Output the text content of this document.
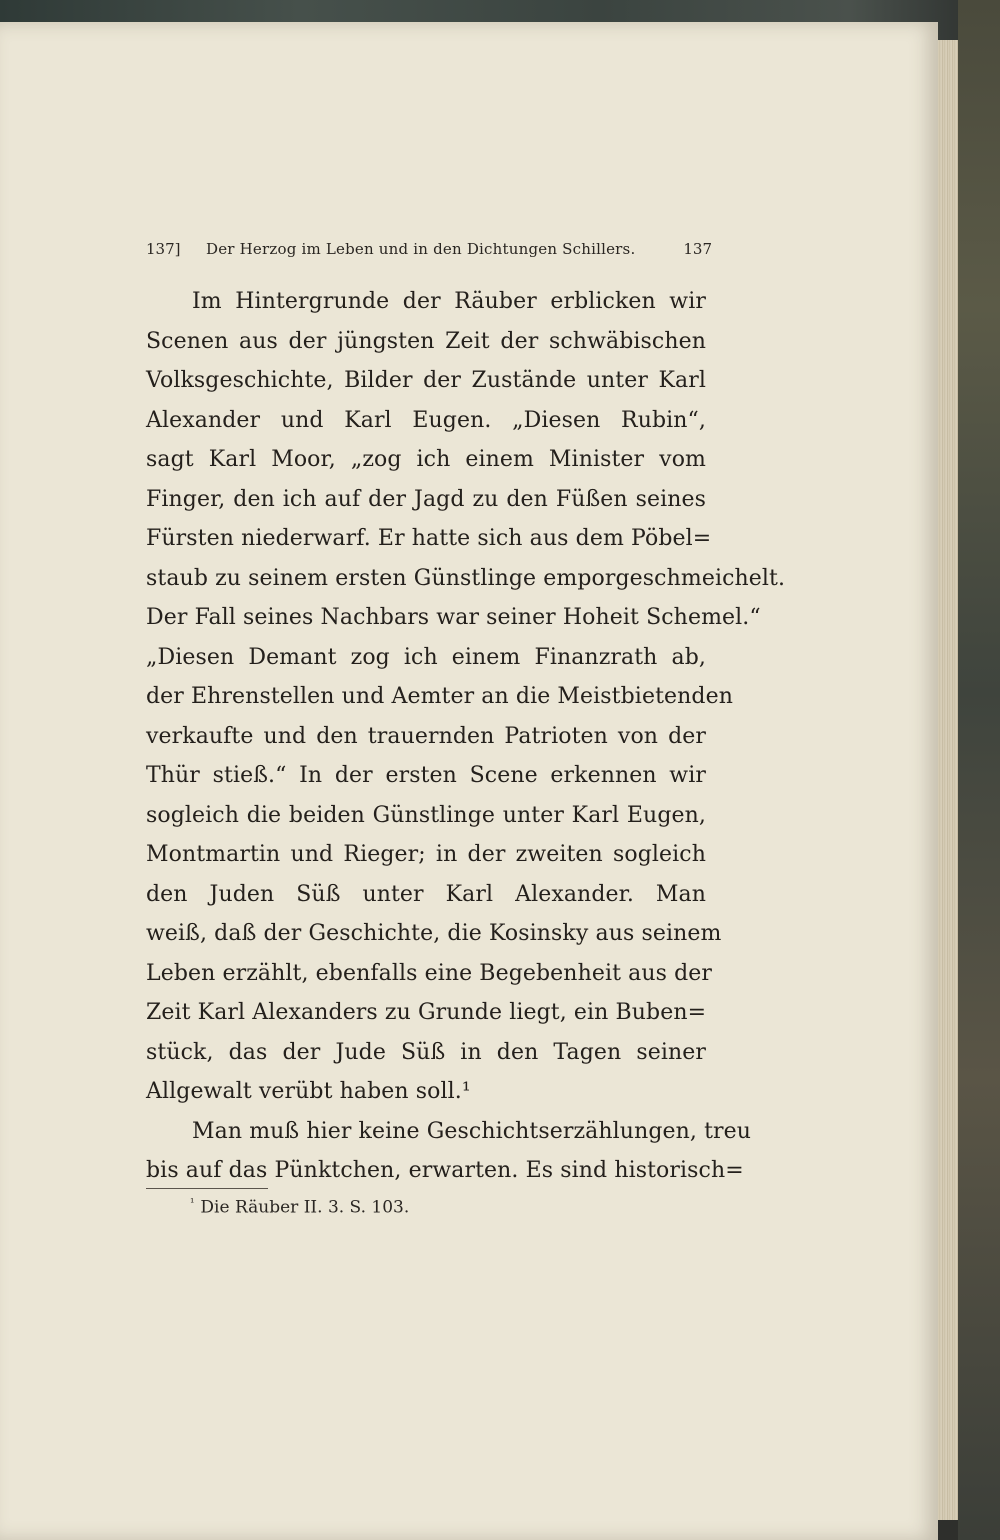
137] Der Herzog im Leben und in den Dichtungen Schillers.	137
Im Hintergrunde der Räuber erblicken wir
Scenen aus der jüngsten Zeit der schwäbischen
Volksgeschichte, Bilder der Zustände unter Karl
Alexander und Karl Eugen. „Diesen Rubin“,
sagt Karl Moor, „zog ich einem Minister vom
Finger, den ich auf der Jagd zu den Füßen seines
Fürsten niederwarf. Er hatte sich aus dem Pöbel=
staub zu seinem ersten Günstlinge emporgeschmeichelt.
Der Fall seines Nachbars war seiner Hoheit Schemel.“
„Diesen Demant zog ich einem Finanzrath ab,
der Ehrenstellen und Aemter an die Meistbietenden
verkaufte und den trauernden Patrioten von der
Thür stieß.“ In der ersten Scene erkennen wir
sogleich die beiden Günstlinge unter Karl Eugen,
Montmartin und Rieger; in der zweiten sogleich
den Juden Süß unter Karl Alexander. Man
weiß, daß der Geschichte, die Kosinsky aus seinem
Leben erzählt, ebenfalls eine Begebenheit aus der
Zeit Karl Alexanders zu Grunde liegt, ein Buben=
stück, das der Jude Süß in den Tagen seiner
Allgewalt verübt haben soll.¹
Man muß hier keine Geschichtserzählungen, treu
bis auf das Pünktchen, erwarten. Es sind historisch=
$^{^1}$ Die Räuber II. 3. S. 103.
